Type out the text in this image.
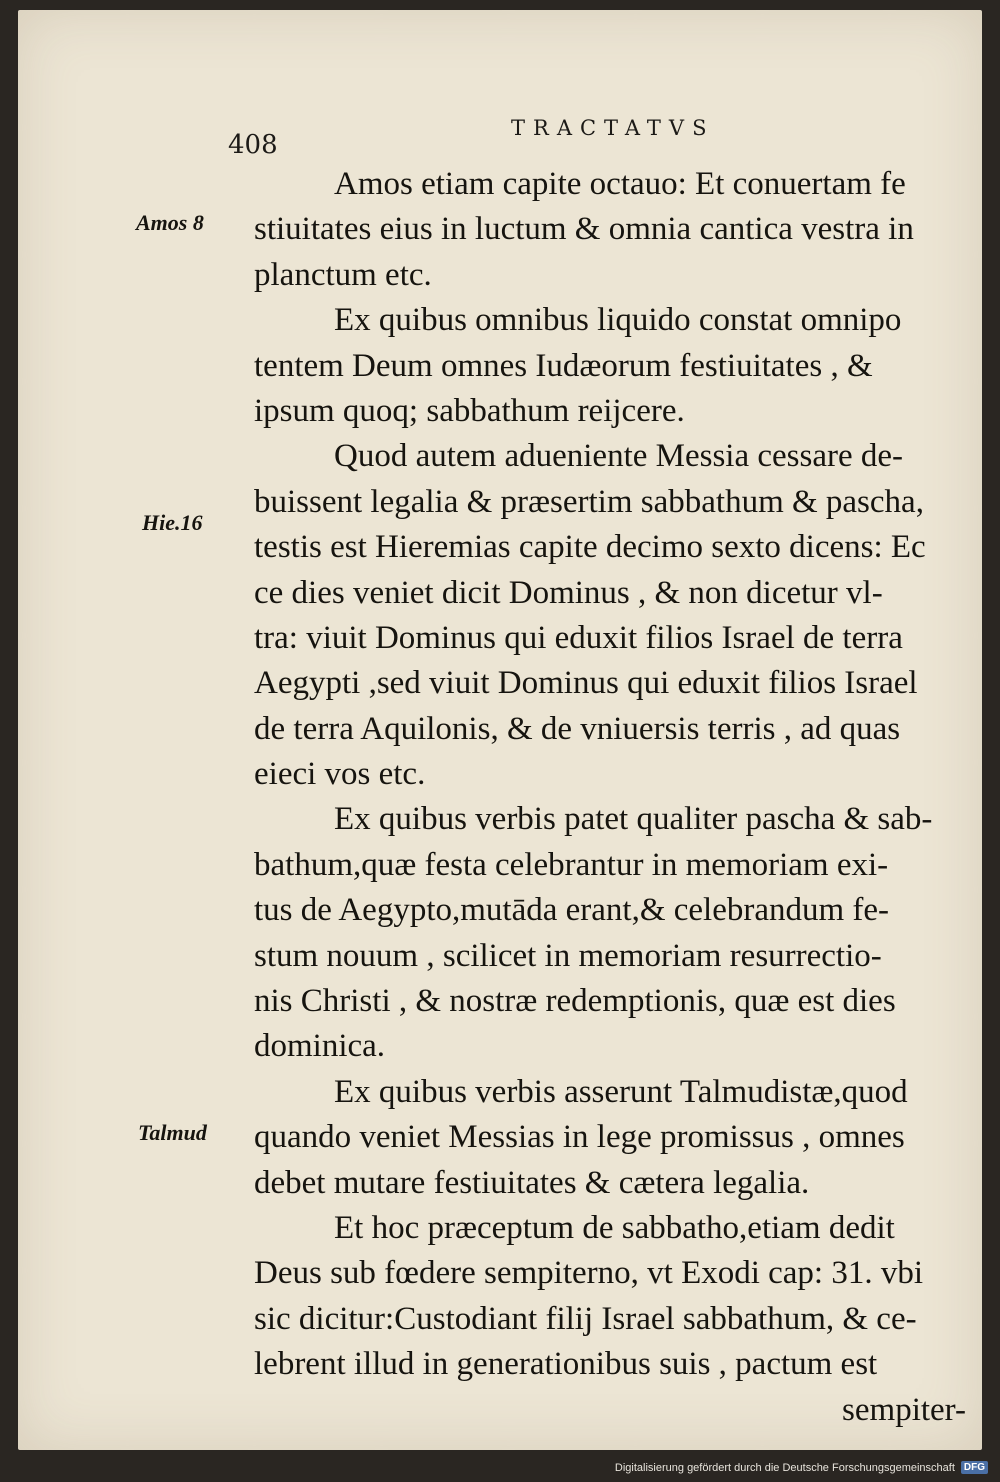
408
TRACTATVS
Amos 8
Hie.16
Talmud
Amos etiam capite octauo: Et conuertam fe
stiuitates eius in luctum & omnia cantica vestra in
planctum etc.
Ex quibus omnibus liquido constat omnipo
tentem Deum omnes Iudæorum festiuitates , &
ipsum quoq; sabbathum reijcere.
Quod autem adueniente Messia cessare de-
buissent legalia & præsertim sabbathum & pascha,
testis est Hieremias capite decimo sexto dicens: Ec
ce dies veniet dicit Dominus , & non dicetur vl-
tra: viuit Dominus qui eduxit filios Israel de terra
Aegypti ,sed viuit Dominus qui eduxit filios Israel
de terra Aquilonis, & de vniuersis terris , ad quas
eieci vos etc.
Ex quibus verbis patet qualiter pascha & sab-
bathum,quæ festa celebrantur in memoriam exi-
tus de Aegypto,mutāda erant,& celebrandum fe-
stum nouum , scilicet in memoriam resurrectio-
nis Christi , & nostræ redemptionis, quæ est dies
dominica.
Ex quibus verbis asserunt Talmudistæ,quod
quando veniet Messias in lege promissus , omnes
debet mutare festiuitates & cætera legalia.
Et hoc præceptum de sabbatho,etiam dedit
Deus sub fœdere sempiterno, vt Exodi cap: 31. vbi
sic dicitur:Custodiant filij Israel sabbathum, & ce-
lebrent illud in generationibus suis , pactum est
sempiter-
Digitalisierung gefördert durch die Deutsche Forschungsgemeinschaft DFG
